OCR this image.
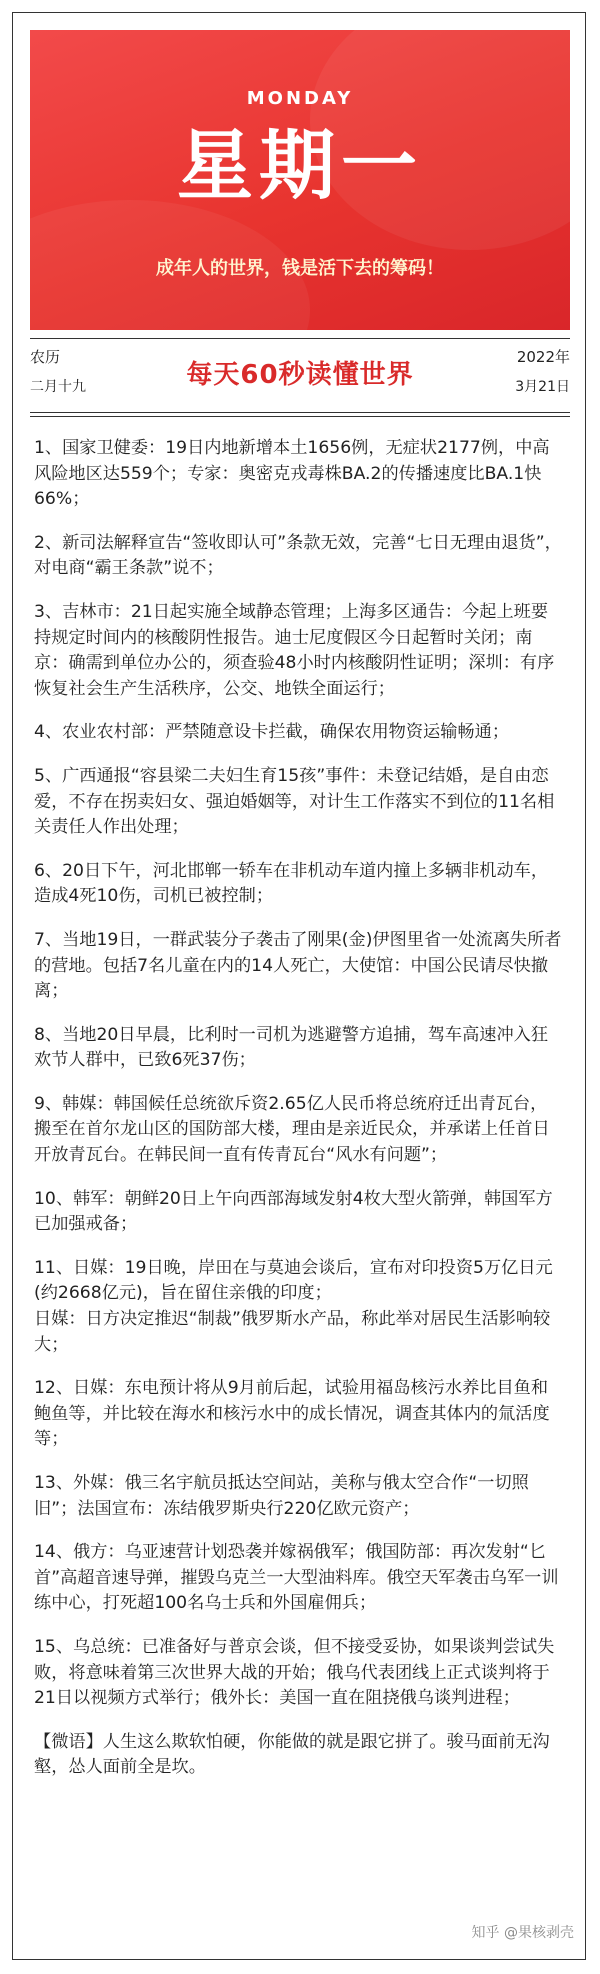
MONDAY
星期一
成年人的世界，钱是活下去的筹码！
农历
二月十九	每天60秒读懂世界
2022年
3月21日

1、国家卫健委：19日内地新增本土1656例，无症状2177例，中高风险地区达559个；专家：奥密克戎毒株BA.2的传播速度比BA.1快66%；

2、新司法解释宣告“签收即认可”条款无效，完善“七日无理由退货”，对电商“霸王条款”说不；

3、吉林市：21日起实施全域静态管理；上海多区通告：今起上班要持规定时间内的核酸阴性报告。迪士尼度假区今日起暂时关闭；南京：确需到单位办公的，须查验48小时内核酸阴性证明；深圳：有序恢复社会生产生活秩序，公交、地铁全面运行；

4、农业农村部：严禁随意设卡拦截，确保农用物资运输畅通；

5、广西通报“容县梁二夫妇生育15孩”事件：未登记结婚，是自由恋爱，不存在拐卖妇女、强迫婚姻等，对计生工作落实不到位的11名相关责任人作出处理；

6、20日下午，河北邯郸一轿车在非机动车道内撞上多辆非机动车，造成4死10伤，司机已被控制；

7、当地19日，一群武装分子袭击了刚果(金)伊图里省一处流离失所者的营地。包括7名儿童在内的14人死亡，大使馆：中国公民请尽快撤离；

8、当地20日早晨，比利时一司机为逃避警方追捕，驾车高速冲入狂欢节人群中，已致6死37伤；

9、韩媒：韩国候任总统欲斥资2.65亿人民币将总统府迁出青瓦台，搬至在首尔龙山区的国防部大楼，理由是亲近民众，并承诺上任首日开放青瓦台。在韩民间一直有传青瓦台“风水有问题”；

10、韩军：朝鲜20日上午向西部海域发射4枚大型火箭弹，韩国军方已加强戒备；

11、日媒：19日晚，岸田在与莫迪会谈后，宣布对印投资5万亿日元(约2668亿元)，旨在留住亲俄的印度；

日媒：日方决定推迟“制裁”俄罗斯水产品，称此举对居民生活影响较大；

12、日媒：东电预计将从9月前后起，试验用福岛核污水养比目鱼和鲍鱼等，并比较在海水和核污水中的成长情况，调查其体内的氚活度等；

13、外媒：俄三名宇航员抵达空间站，美称与俄太空合作“一切照旧”；法国宣布：冻结俄罗斯央行220亿欧元资产；

14、俄方：乌亚速营计划恐袭并嫁祸俄军；俄国防部：再次发射“匕首”高超音速导弹，摧毁乌克兰一大型油料库。俄空天军袭击乌军一训练中心，打死超100名乌士兵和外国雇佣兵；

15、乌总统：已准备好与普京会谈，但不接受妥协，如果谈判尝试失败，将意味着第三次世界大战的开始；俄乌代表团线上正式谈判将于21日以视频方式举行；俄外长：美国一直在阻挠俄乌谈判进程；

【微语】人生这么欺软怕硬，你能做的就是跟它拼了。骏马面前无沟壑，怂人面前全是坎。

知乎 @果核剥壳
